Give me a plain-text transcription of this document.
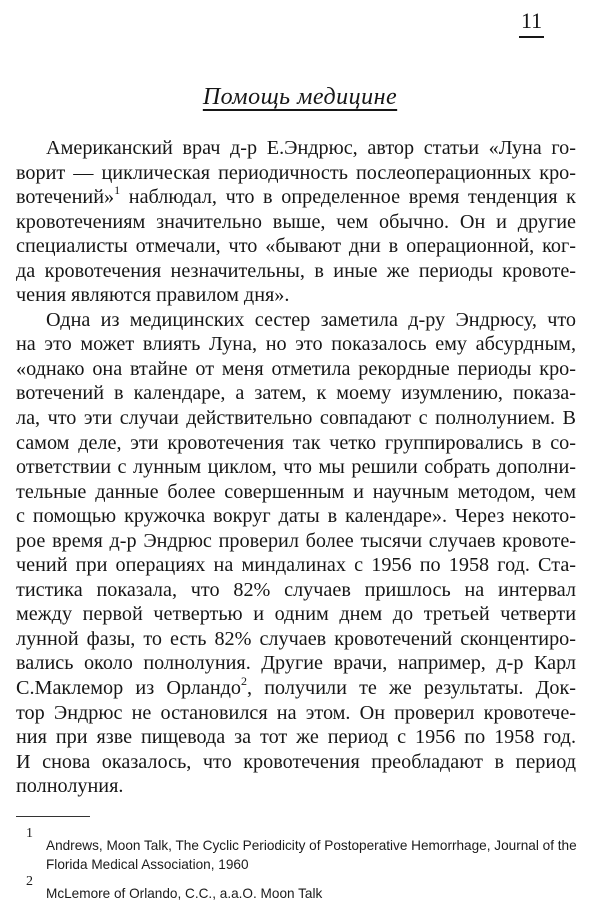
11
Помощь медицине
Американский врач д-р Е.Эндрюс, автор статьи «Луна го-
ворит — циклическая периодичность послеоперационных кро-
вотечений»$^1$ наблюдал, что в определенное время тенденция к
кровотечениям значительно выше, чем обычно. Он и другие
специалисты отмечали, что «бывают дни в операционной, ког-
да кровотечения незначительны, в иные же периоды кровоте-
чения являются правилом дня».
Одна из медицинских сестер заметила д-ру Эндрюсу, что
на это может влиять Луна, но это показалось ему абсурдным,
«однако она втайне от меня отметила рекордные периоды кро-
вотечений в календаре, а затем, к моему изумлению, показа-
ла, что эти случаи действительно совпадают с полнолунием. В
самом деле, эти кровотечения так четко группировались в со-
ответствии с лунным циклом, что мы решили собрать дополни-
тельные данные более совершенным и научным методом, чем
с помощью кружочка вокруг даты в календаре». Через некото-
рое время д-р Эндрюс проверил более тысячи случаев кровоте-
чений при операциях на миндалинах с 1956 по 1958 год. Ста-
тистика показала, что 82% случаев пришлось на интервал
между первой четвертью и одним днем до третьей четверти
лунной фазы, то есть 82% случаев кровотечений сконцентиро-
вались около полнолуния. Другие врачи, например, д-р Карл
С.Маклемор из Орландо$^2$, получили те же результаты. Док-
тор Эндрюс не остановился на этом. Он проверил кровотече-
ния при язве пищевода за тот же период с 1956 по 1958 год.
И снова оказалось, что кровотечения преобладают в период
полнолуния.
1
Andrews, Moon Talk, The Cyclic Periodicity of Postoperative Hemorrhage, Journal of the Florida Medical Association, 1960
2
McLemore of Orlando, C.C., a.a.O. Moon Talk
